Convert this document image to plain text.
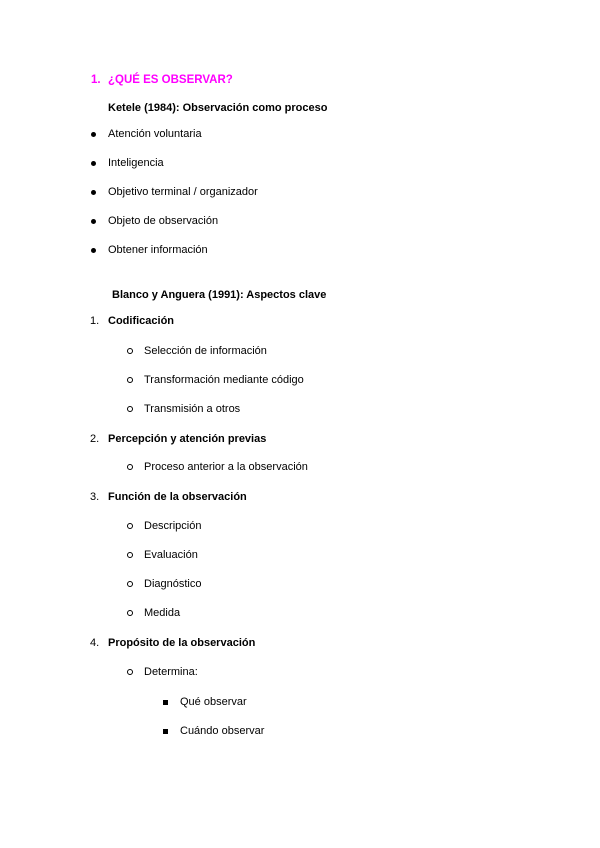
1. ¿QUÉ ES OBSERVAR?
Ketele (1984): Observación como proceso
Atención voluntaria
Inteligencia
Objetivo terminal / organizador
Objeto de observación
Obtener información
Blanco y Anguera (1991): Aspectos clave
1. Codificación
Selección de información
Transformación mediante código
Transmisión a otros
2. Percepción y atención previas
Proceso anterior a la observación
3. Función de la observación
Descripción
Evaluación
Diagnóstico
Medida
4. Propósito de la observación
Determina:
Qué observar
Cuándo observar
